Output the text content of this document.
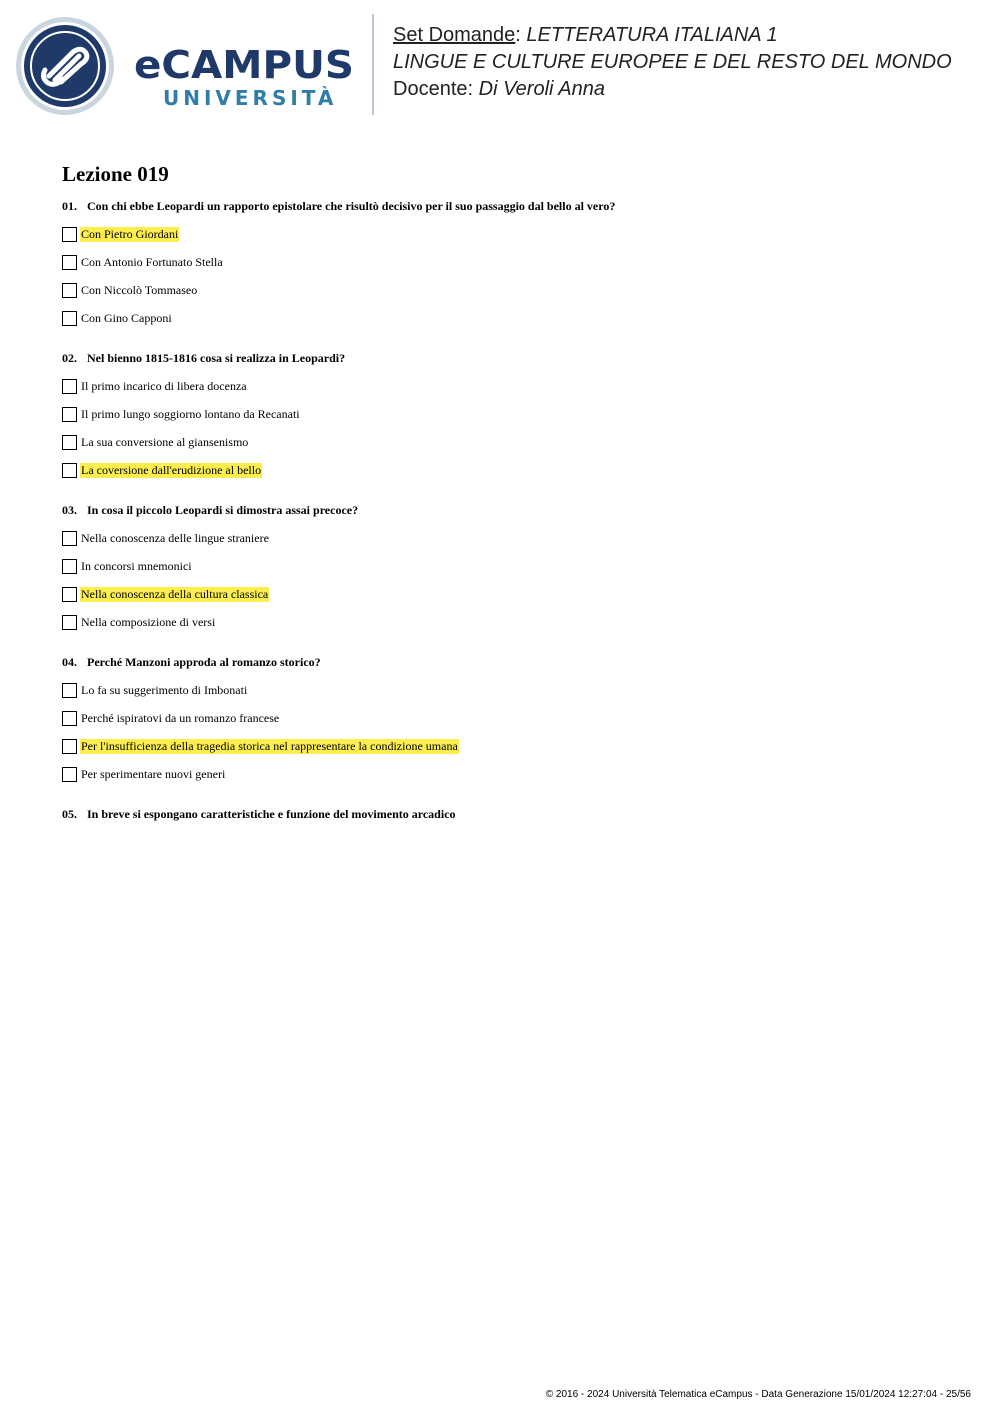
eCAMPUS
UNIVERSITÀ
Set Domande: LETTERATURA ITALIANA 1
LINGUE E CULTURE EUROPEE E DEL RESTO DEL MONDO
Docente: Di Veroli Anna
Lezione 019
01. Con chi ebbe Leopardi un rapporto epistolare che risultò decisivo per il suo passaggio dal bello al vero?
Con Pietro Giordani
Con Antonio Fortunato Stella
Con Niccolò Tommaseo
Con Gino Capponi
02. Nel bienno 1815-1816 cosa si realizza in Leopardi?
Il primo incarico di libera docenza
Il primo lungo soggiorno lontano da Recanati
La sua conversione al giansenismo
La coversione dall'erudizione al bello
03. In cosa il piccolo Leopardi si dimostra assai precoce?
Nella conoscenza delle lingue straniere
In concorsi mnemonici
Nella conoscenza della cultura classica
Nella composizione di versi
04. Perché Manzoni approda al romanzo storico?
Lo fa su suggerimento di Imbonati
Perché ispiratovi da un romanzo francese
Per l'insufficienza della tragedia storica nel rappresentare la condizione umana
Per sperimentare nuovi generi
05. In breve si espongano caratteristiche e funzione del movimento arcadico
© 2016 - 2024 Università Telematica eCampus - Data Generazione 15/01/2024 12:27:04 - 25/56
